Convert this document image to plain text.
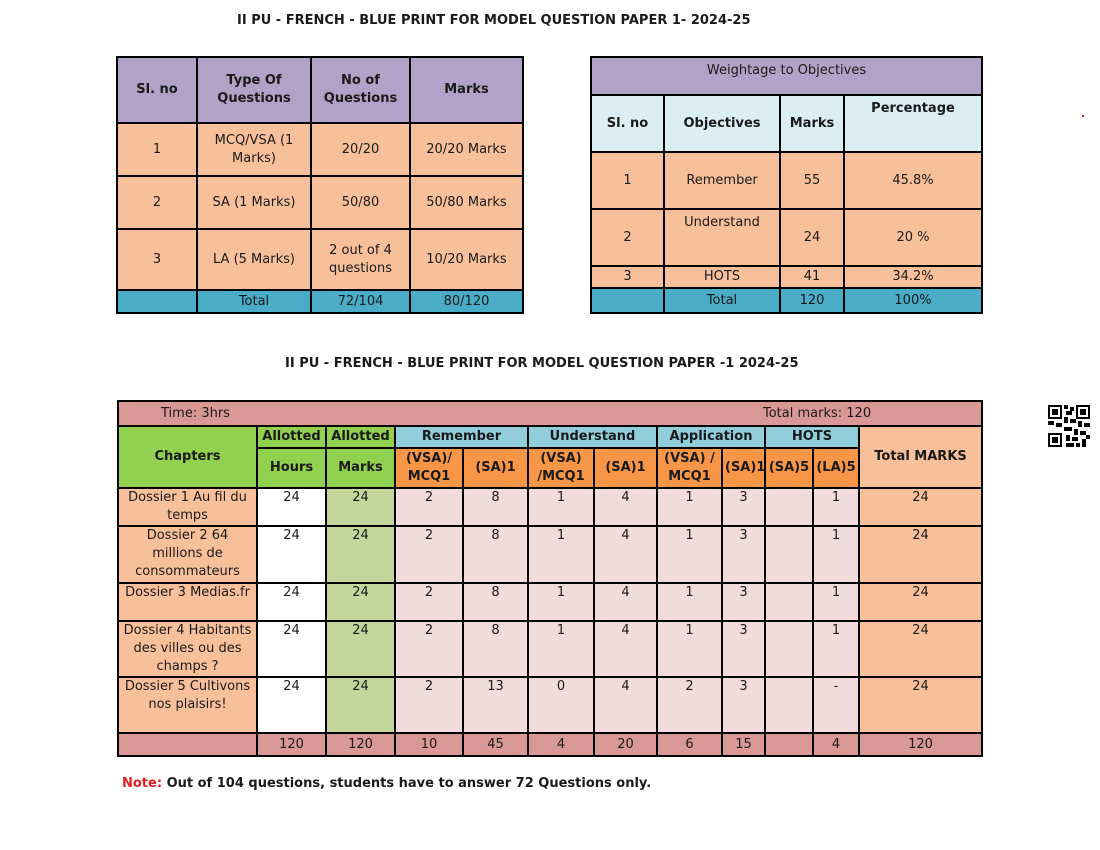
II PU - FRENCH - BLUE PRINT FOR MODEL QUESTION PAPER 1- 2024-25
Sl. no	Type Of Questions	No of Questions	Marks
1	MCQ/VSA (1 Marks)	20/20	20/20 Marks
2	SA (1 Marks)	50/80	50/80 Marks
3	LA (5 Marks)	2 out of 4 questions	10/20 Marks
	Total	72/104	80/120
Weightage to Objectives			
Sl. no	Objectives	Marks	Percentage
1	Remember	55	45.8%
2	Understand	24	20 %
3	HOTS	41	34.2%
	Total	120	100%
II PU - FRENCH - BLUE PRINT FOR MODEL QUESTION PAPER -1 2024-25
Time: 3hrs Total marks: 120											

Chapters	Allotted	Allotted	Remember		Understand		Application		HOTS		Total MARKS
	Hours	Marks	(VSA)/ MCQ1	(SA)1	(VSA) /MCQ1	(SA)1	(VSA) / MCQ1	(SA)1	(SA)5	(LA)5	
Dossier 1 Au fil du temps	24	24	2	8	1	4	1	3		1	24
Dossier 2 64 millions de consommateurs	24	24	2	8	1	4	1	3		1	24
Dossier 3 Medias.fr	24	24	2	8	1	4	1	3		1	24
Dossier 4 Habitants des villes ou des champs ?	24	24	2	8	1	4	1	3		1	24
Dossier 5 Cultivons nos plaisirs!	24	24	2	13	0	4	2	3		-	24
	120	120	10	45	4	20	6	15		4	120
Note: Out of 104 questions, students have to answer 72 Questions only.
